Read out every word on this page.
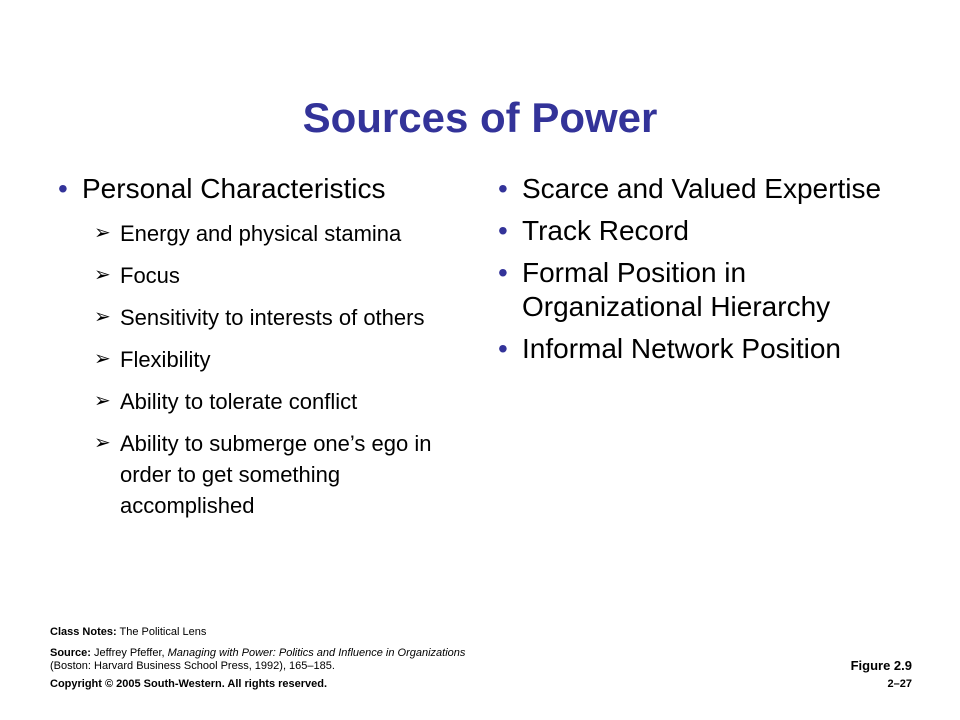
Sources of Power
• Personal Characteristics
➢ Energy and physical stamina
➢ Focus
➢ Sensitivity to interests of others
➢ Flexibility
➢ Ability to tolerate conflict
➢ Ability to submerge one’s ego in order to get something accomplished
• Scarce and Valued Expertise
• Track Record
• Formal Position in Organizational Hierarchy
• Informal Network Position
Class Notes: The Political Lens
Source: Jeffrey Pfeffer, Managing with Power: Politics and Influence in Organizations (Boston: Harvard Business School Press, 1992), 165–185.
Copyright © 2005 South-Western. All rights reserved.
Figure 2.9
2–27
